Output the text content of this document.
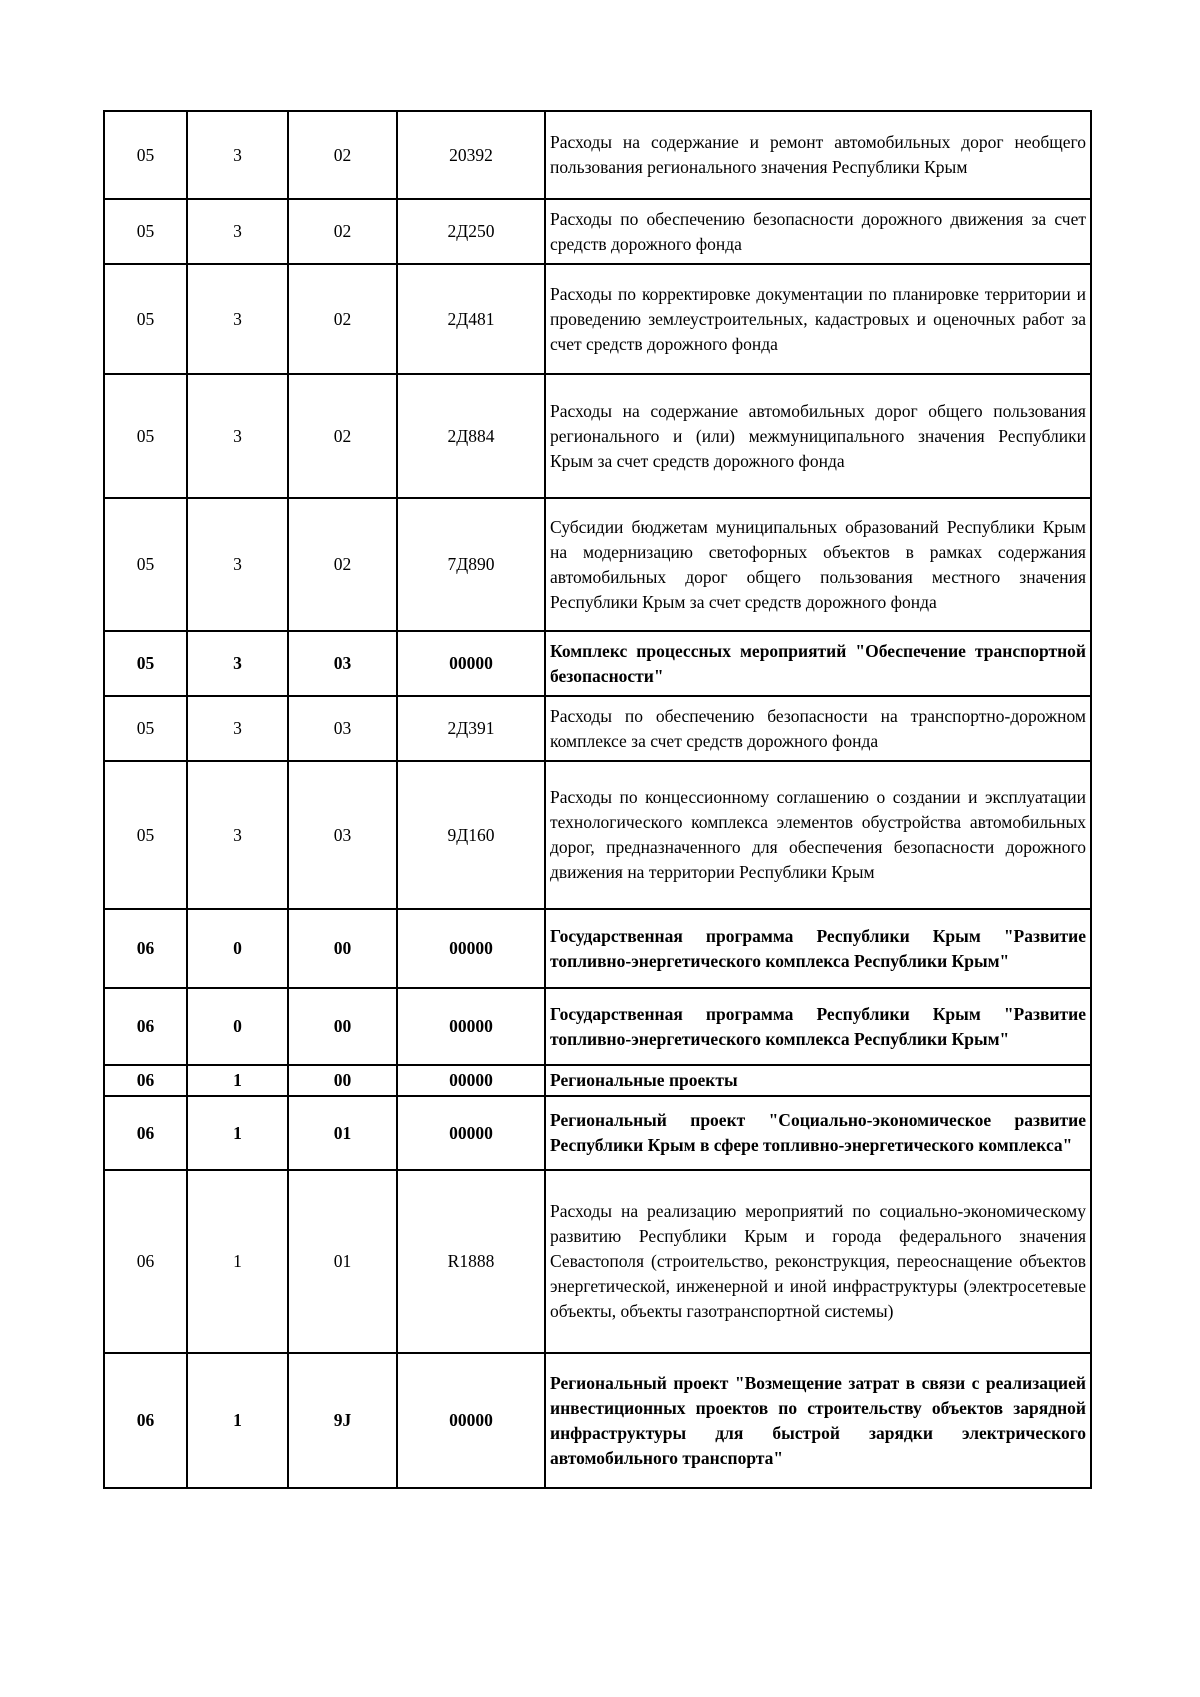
05	3	02	20392	Расходы на содержание и ремонт автомобильных дорог необщего пользования регионального значения Республики Крым
05	3	02	2Д250	Расходы по обеспечению безопасности дорожного движения за счет средств дорожного фонда
05	3	02	2Д481	Расходы по корректировке документации по планировке территории и проведению землеустроительных, кадастровых и оценочных работ за счет средств дорожного фонда
05	3	02	2Д884	Расходы на содержание автомобильных дорог общего пользования регионального и (или) межмуниципального значения Республики Крым за счет средств дорожного фонда
05	3	02	7Д890	Субсидии бюджетам муниципальных образований Республики Крым на модернизацию светофорных объектов в рамках содержания автомобильных дорог общего пользования местного значения Республики Крым за счет средств дорожного фонда
05	3	03	00000	Комплекс процессных мероприятий "Обеспечение транспортной безопасности"
05	3	03	2Д391	Расходы по обеспечению безопасности на транспортно-дорожном комплексе за счет средств дорожного фонда
05	3	03	9Д160	Расходы по концессионному соглашению о создании и эксплуатации технологического комплекса элементов обустройства автомобильных дорог, предназначенного для обеспечения безопасности дорожного движения на территории Республики Крым
06	0	00	00000	Государственная программа Республики Крым "Развитие топливно-энергетического комплекса Республики Крым"
06	0	00	00000	Государственная программа Республики Крым "Развитие топливно-энергетического комплекса Республики Крым"
06	1	00	00000	Региональные проекты
06	1	01	00000	Региональный проект "Социально-экономическое развитие Республики Крым в сфере топливно-энергетического комплекса"
06	1	01	R1888	Расходы на реализацию мероприятий по социально-экономическому развитию Республики Крым и города федерального значения Севастополя (строительство, реконструкция, переоснащение объектов энергетической, инженерной и иной инфраструктуры (электросетевые объекты, объекты газотранспортной системы)
06	1	9J	00000	Региональный проект "Возмещение затрат в связи с реализацией инвестиционных проектов по строительству объектов зарядной инфраструктуры для быстрой зарядки электрического автомобильного транспорта"
